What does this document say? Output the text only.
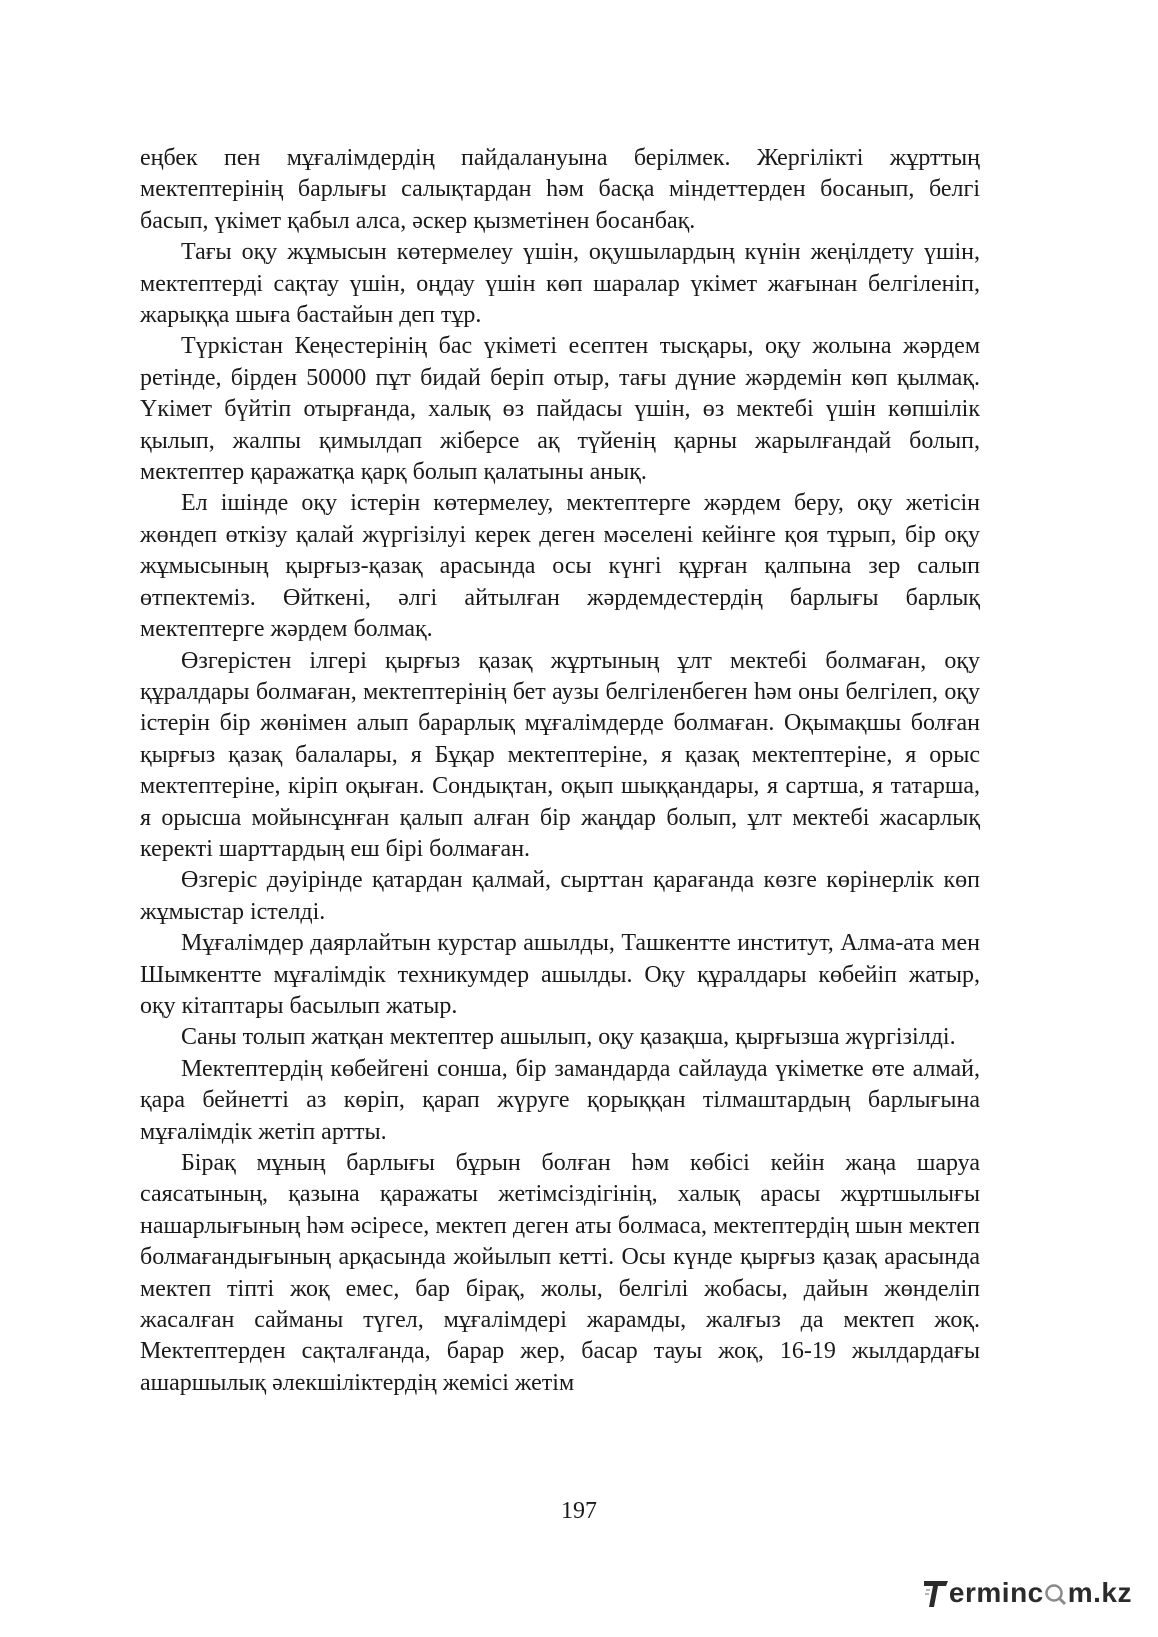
еңбек пен мұғалімдердің пайдалануына берілмек. Жергілікті жұрттың мектептерінің барлығы салықтардан һәм басқа міндеттерден босанып, белгі басып, үкімет қабыл алса, әскер қызметінен босанбақ.

Тағы оқу жұмысын көтермелеу үшін, оқушылардың күнін жеңілдету үшін, мектептерді сақтау үшін, оңдау үшін көп шаралар үкімет жағынан белгіленіп, жарыққа шыға бастайын деп тұр.

Түркістан Кеңестерінің бас үкіметі есептен тысқары, оқу жолына жәрдем ретінде, бірден 50000 пұт бидай беріп отыр, тағы дүние жәрдемін көп қылмақ. Үкімет бүйтіп отырғанда, халық өз пайдасы үшін, өз мектебі үшін көпшілік қылып, жалпы қимылдап жіберсе ақ түйенің қарны жарылғандай болып, мектептер қаражатқа қарқ болып қалатыны анық.

Ел ішінде оқу істерін көтермелеу, мектептерге жәрдем беру, оқу жетісін жөндеп өткізу қалай жүргізілуі керек деген мәселені кейінге қоя тұрып, бір оқу жұмысының қырғыз-қазақ арасында осы күнгі құрған қалпына зер салып өтпектеміз. Өйткені, әлгі айтылған жәрдемдестердің барлығы барлық мектептерге жәрдем болмақ.

Өзгерістен ілгері қырғыз қазақ жұртының ұлт мектебі болмаған, оқу құралдары болмаған, мектептерінің бет аузы белгіленбеген һәм оны белгілеп, оқу істерін бір жөнімен алып барарлық мұғалімдерде болмаған. Оқымақшы болған қырғыз қазақ балалары, я Бұқар мектептеріне, я қазақ мектептеріне, я орыс мектептеріне, кіріп оқыған. Сондықтан, оқып шыққандары, я сартша, я татарша, я орысша мойынсұнған қалып алған бір жаңдар болып, ұлт мектебі жасарлық керекті шарттардың еш бірі болмаған.

Өзгеріс дәуірінде қатардан қалмай, сырттан қарағанда көзге көрінерлік көп жұмыстар істелді.

Мұғалімдер даярлайтын курстар ашылды, Ташкентте институт, Алма-ата мен Шымкентте мұғалімдік техникумдер ашылды. Оқу құралдары көбейіп жатыр, оқу кітаптары басылып жатыр.

Саны толып жатқан мектептер ашылып, оқу қазақша, қырғызша жүргізілді.

Мектептердің көбейгені сонша, бір замандарда сайлауда үкіметке өте алмай, қара бейнетті аз көріп, қарап жүруге қорыққан тілмаштардың барлығына мұғалімдік жетіп артты.

Бірақ мұның барлығы бұрын болған һәм көбісі кейін жаңа шаруа саясатының, қазына қаражаты жетімсіздігінің, халық арасы жұртшылығы нашарлығының һәм әсіресе, мектеп деген аты болмаса, мектептердің шын мектеп болмағандығының арқасында жойылып кетті. Осы күнде қырғыз қазақ арасында мектеп тіпті жоқ емес, бар бірақ, жолы, белгілі жобасы, дайын жөнделіп жасалған сайманы түгел, мұғалімдері жарамды, жалғыз да мектеп жоқ. Мектептерден сақталғанда, барар жер, басар тауы жоқ, 16-19 жылдардағы ашаршылық әлекшіліктердің жемісі жетім

197
ermin c m.kz
